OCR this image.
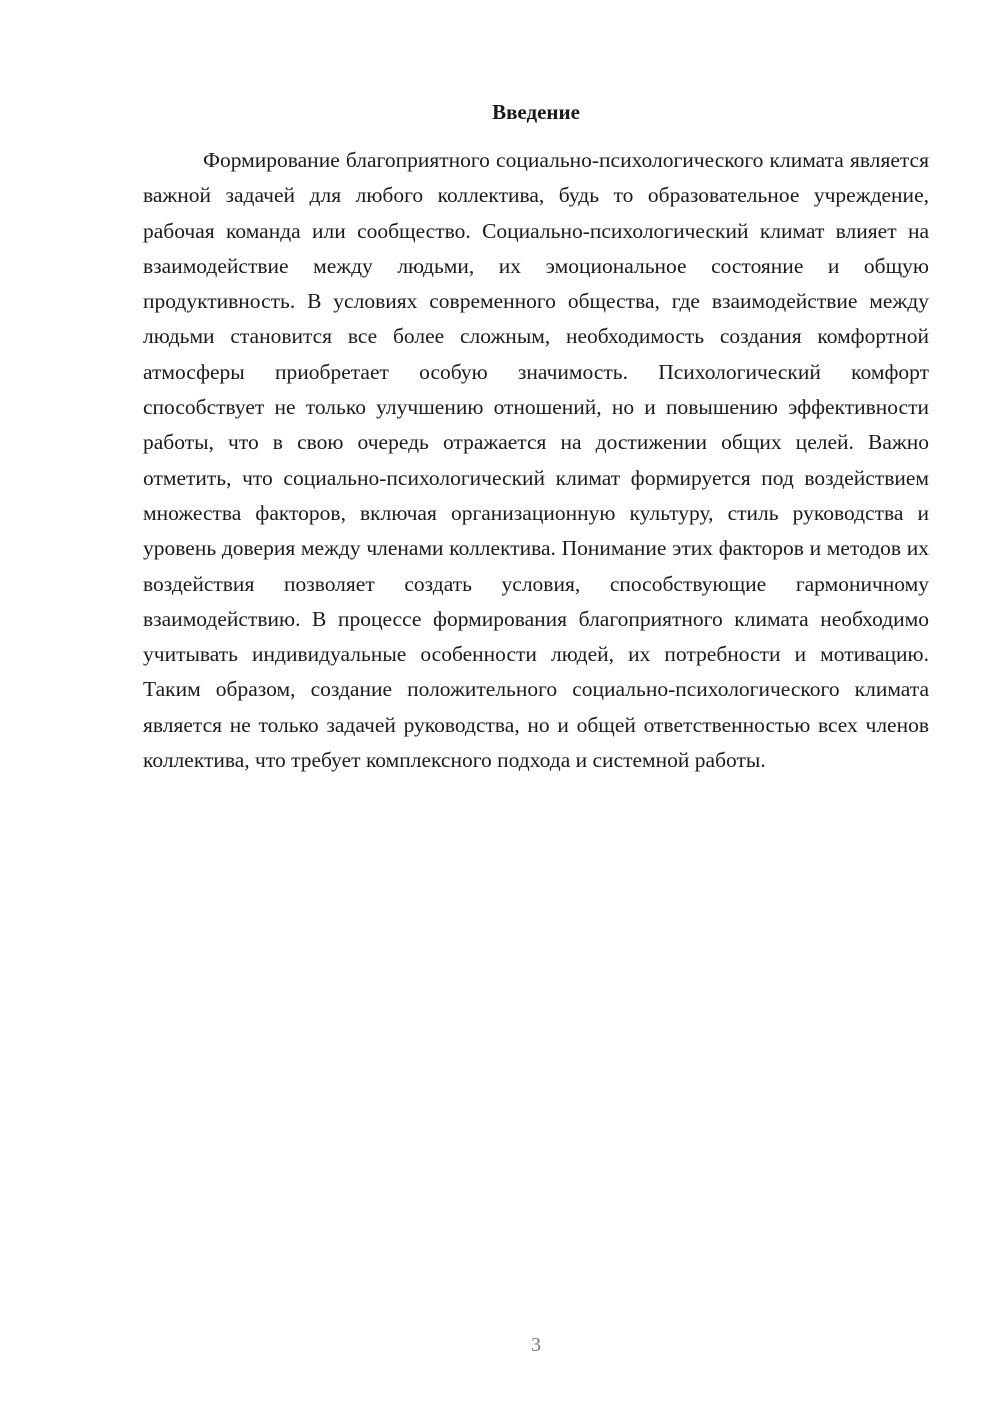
Введение

Формирование благоприятного социально-психологического климата является важной задачей для любого коллектива, будь то образовательное учреждение, рабочая команда или сообщество. Социально-психологический климат влияет на взаимодействие между людьми, их эмоциональное состояние и общую продуктивность. В условиях современного общества, где взаимодействие между людьми становится все более сложным, необходимость создания комфортной атмосферы приобретает особую значимость. Психологический комфорт способствует не только улучшению отношений, но и повышению эффективности работы, что в свою очередь отражается на достижении общих целей. Важно отметить, что социально-психологический климат формируется под воздействием множества факторов, включая организационную культуру, стиль руководства и уровень доверия между членами коллектива. Понимание этих факторов и методов их воздействия позволяет создать условия, способствующие гармоничному взаимодействию. В процессе формирования благоприятного климата необходимо учитывать индивидуальные особенности людей, их потребности и мотивацию. Таким образом, создание положительного социально-психологического климата является не только задачей руководства, но и общей ответственностью всех членов коллектива, что требует комплексного подхода и системной работы.

3
